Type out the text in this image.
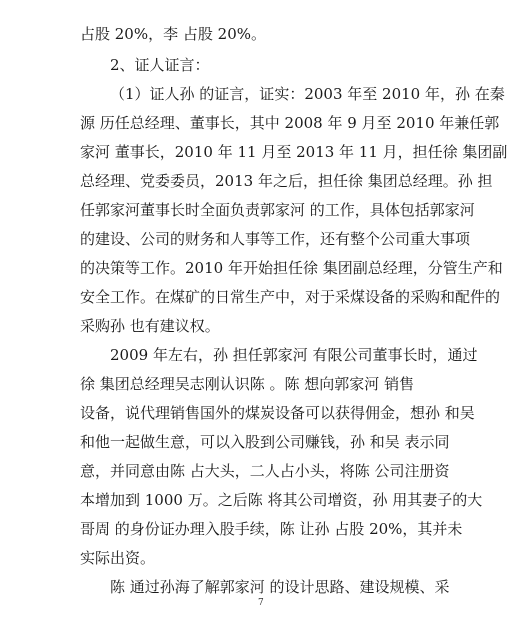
占股 20%，李 占股 20%。
2、证人证言：
（1）证人孙 的证言，证实：2003 年至 2010 年，孙 在秦
源 历任总经理、董事长，其中 2008 年 9 月至 2010 年兼任郭
家河 董事长，2010 年 11 月至 2013 年 11 月，担任徐 集团副
总经理、党委委员，2013 年之后，担任徐 集团总经理。孙 担
任郭家河董事长时全面负责郭家河 的工作，具体包括郭家河
的建设、公司的财务和人事等工作，还有整个公司重大事项
的决策等工作。2010 年开始担任徐 集团副总经理，分管生产和
安全工作。在煤矿的日常生产中，对于采煤设备的采购和配件的
采购孙 也有建议权。
2009 年左右，孙 担任郭家河 有限公司董事长时，通过
徐 集团总经理吴志刚认识陈 。陈 想向郭家河 销售
设备，说代理销售国外的煤炭设备可以获得佣金，想孙 和吴
和他一起做生意，可以入股到公司赚钱，孙 和吴 表示同
意，并同意由陈 占大头，二人占小头，将陈 公司注册资
本增加到 1000 万。之后陈 将其公司增资，孙 用其妻子的大
哥周 的身份证办理入股手续，陈 让孙 占股 20%，其并未
实际出资。
陈 通过孙海了解郭家河 的设计思路、建设规模、采
7
